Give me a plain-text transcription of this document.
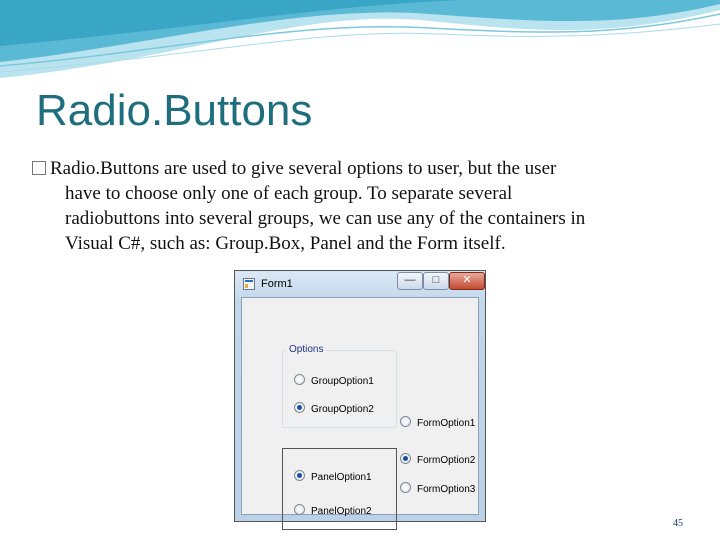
Radio.Buttons
Radio.Buttons are used to give several options to user, but the user
have to choose only one of each group. To separate several
radiobuttons into several groups, we can use any of the containers in
Visual C#, such as: Group.Box, Panel and the Form itself.
Form1	—	□	✕
Options
GroupOption1
GroupOption2
PanelOption1
PanelOption2
FormOption1
FormOption2
FormOption3
45
